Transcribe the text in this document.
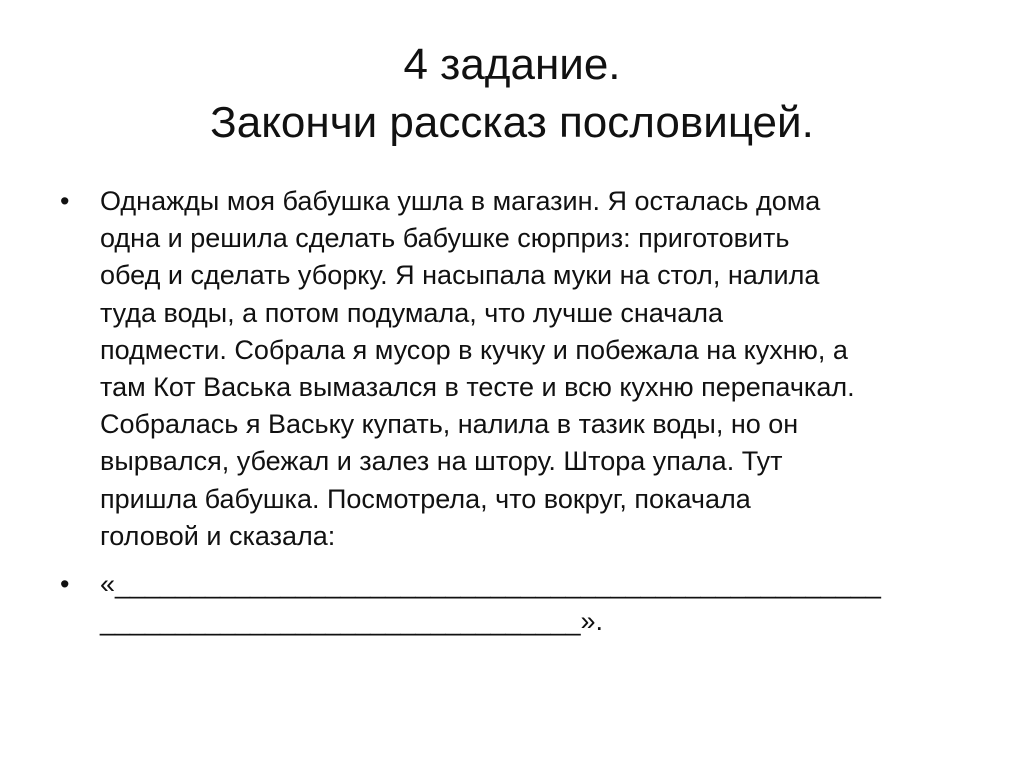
4 задание.
Закончи рассказ пословицей.
•	Однажды моя бабушка ушла в магазин. Я осталась дома
одна и решила сделать бабушке сюрприз: приготовить
обед и сделать уборку. Я насыпала муки на стол, налила
туда воды, а потом подумала, что лучше сначала
подмести. Собрала я мусор в кучку и побежала на кухню, а
там Кот Васька вымазался в тесте и всю кухню перепачкал.
Собралась я Ваську купать, налила в тазик воды, но он
вырвался, убежал и залез на штору. Штора упала. Тут
пришла бабушка. Посмотрела, что вокруг, покачала
головой и сказала:
•	«___________________________________________________
________________________________».
